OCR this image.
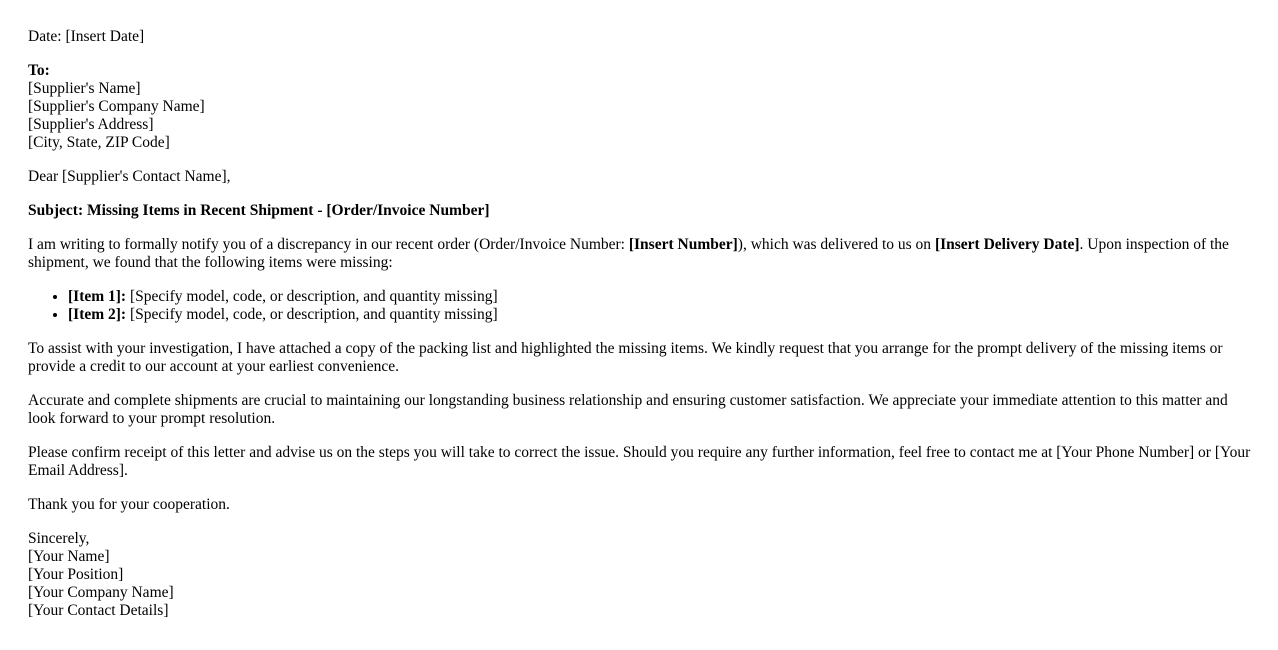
Date: [Insert Date]

To:
[Supplier's Name]
[Supplier's Company Name]
[Supplier's Address]
[City, State, ZIP Code]

Dear [Supplier's Contact Name],

Subject: Missing Items in Recent Shipment - [Order/Invoice Number]

I am writing to formally notify you of a discrepancy in our recent order (Order/Invoice Number: [Insert Number]), which was delivered to us on [Insert Delivery Date]. Upon inspection of the shipment, we found that the following items were missing:

• [Item 1]: [Specify model, code, or description, and quantity missing]
• [Item 2]: [Specify model, code, or description, and quantity missing]

To assist with your investigation, I have attached a copy of the packing list and highlighted the missing items. We kindly request that you arrange for the prompt delivery of the missing items or provide a credit to our account at your earliest convenience.

Accurate and complete shipments are crucial to maintaining our longstanding business relationship and ensuring customer satisfaction. We appreciate your immediate attention to this matter and look forward to your prompt resolution.

Please confirm receipt of this letter and advise us on the steps you will take to correct the issue. Should you require any further information, feel free to contact me at [Your Phone Number] or [Your Email Address].

Thank you for your cooperation.

Sincerely,
[Your Name]
[Your Position]
[Your Company Name]
[Your Contact Details]
